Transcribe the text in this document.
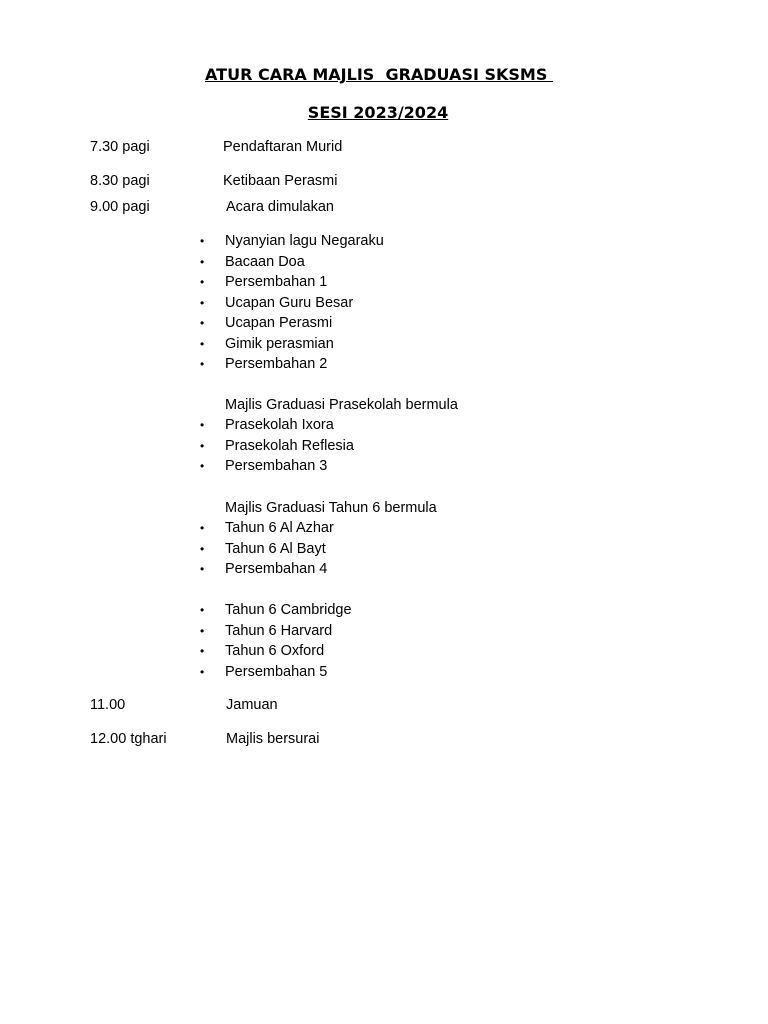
ATUR CARA MAJLIS  GRADUASI SKSMS
SESI 2023/2024
7.30 pagi	Pendaftaran Murid
8.30 pagi	Ketibaan Perasmi
9.00 pagi	Acara dimulakan
• Nyanyian lagu Negaraku
• Bacaan Doa
• Persembahan 1
• Ucapan Guru Besar
• Ucapan Perasmi
• Gimik perasmian
• Persembahan 2
Majlis Graduasi Prasekolah bermula
• Prasekolah Ixora
• Prasekolah Reflesia
• Persembahan 3
Majlis Graduasi Tahun 6 bermula
• Tahun 6 Al Azhar
• Tahun 6 Al Bayt
• Persembahan 4
• Tahun 6 Cambridge
• Tahun 6 Harvard
• Tahun 6 Oxford
• Persembahan 5
11.00	Jamuan
12.00 tghari	Majlis bersurai
